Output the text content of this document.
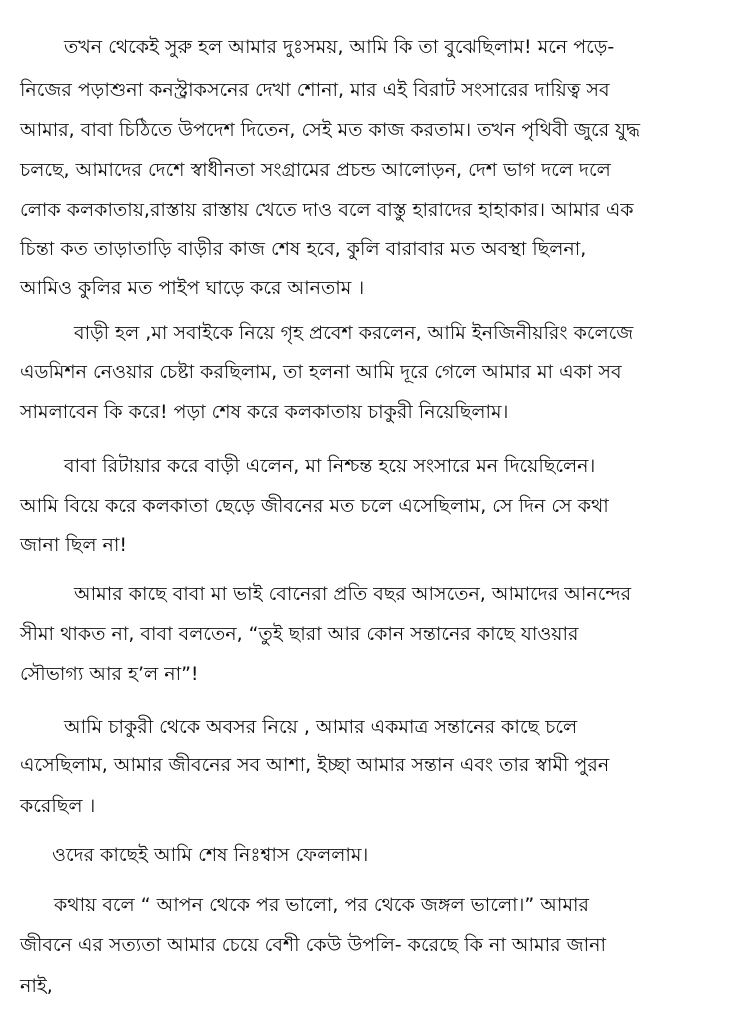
তখন থেকেই সুরু হল আমার দুঃসময়, আমি কি তা বুঝেছিলাম! মনে পড়ে-
নিজের পড়াশুনা কনস্ট্রাকসনের দেখা শোনা, মার এই বিরাট সংসারের দায়িত্ব সব
আমার, বাবা চিঠিতে উপদেশ দিতেন, সেই মত কাজ করতাম। তখন পৃথিবী জুরে যুদ্ধ
চলছে, আমাদের দেশে স্বাধীনতা সংগ্রামের প্রচন্ড আলোড়ন, দেশ ভাগ দলে দলে
লোক কলকাতায়,রাস্তায় রাস্তায় খেতে দাও বলে বাস্তু হারাদের হাহাকার। আমার এক
চিন্তা কত তাড়াতাড়ি বাড়ীর কাজ শেষ হবে, কুলি বারাবার মত অবস্থা ছিলনা,
আমিও কুলির মত পাইপ ঘাড়ে করে আনতাম ।
বাড়ী হল ,মা সবাইকে নিয়ে গৃহ প্রবেশ করলেন, আমি ইনজিনীয়রিং কলেজে
এডমিশন নেওয়ার চেষ্টা করছিলাম, তা হলনা আমি দূরে গেলে আমার মা একা সব
সামলাবেন কি করে! পড়া শেষ করে কলকাতায় চাকুরী নিয়েছিলাম।
বাবা রিটায়ার করে বাড়ী এলেন, মা নিশ্চন্ত হয়ে সংসারে মন দিয়েছিলেন।
আমি বিয়ে করে কলকাতা ছেড়ে জীবনের মত চলে এসেছিলাম, সে দিন সে কথা
জানা ছিল না!
আমার কাছে বাবা মা ভাই বোনেরা প্রতি বছর আসতেন, আমাদের আনন্দের
সীমা থাকত না, বাবা বলতেন, “তুই ছারা আর কোন সন্তানের কাছে যাওয়ার
সৌভাগ্য আর হ’ল না”!
আমি চাকুরী থেকে অবসর নিয়ে , আমার একমাত্র সন্তানের কাছে চলে
এসেছিলাম, আমার জীবনের সব আশা, ইচ্ছা আমার সন্তান এবং তার স্বামী পুরন
করেছিল ।
ওদের কাছেই আমি শেষ নিঃশ্বাস ফেললাম।
কথায় বলে “ আপন থেকে পর ভালো, পর থেকে জঙ্গল ভালো।” আমার
জীবনে এর সত্যতা আমার চেয়ে বেশী কেউ উপলি- করেছে কি না আমার জানা
নাই,
